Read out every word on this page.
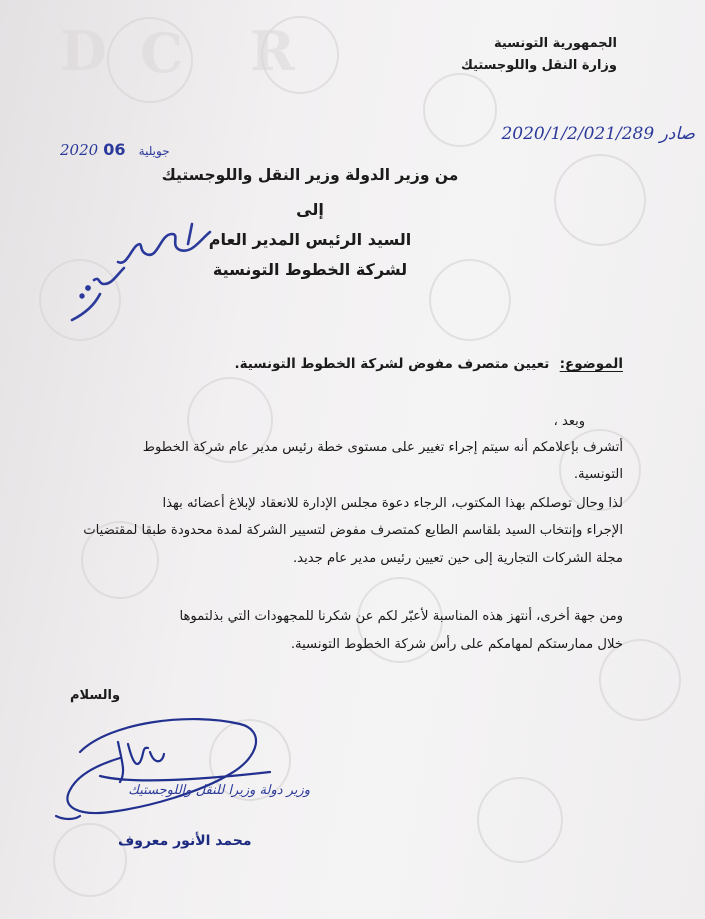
D C R	الجمهورية التونسية
وزارة النقل واللوجستيك
صادر 2020/1/2/021/289
2020	جويلية 06
من وزير الدولة وزير النقل واللوجستيك
إلى
السيد الرئيس المدير العام
لشركة الخطوط التونسية
الموضوع: تعيين متصرف مفوض لشركة الخطوط التونسية.
وبعد ،
أتشرف بإعلامكم أنه سيتم إجراء تغيير على مستوى خطة رئيس مدير عام شركة الخطوط
التونسية.
لذا وحال توصلكم بهذا المكتوب، الرجاء دعوة مجلس الإدارة للانعقاد لإبلاغ أعضائه بهذا
الإجراء وإنتخاب السيد بلقاسم الطايع كمتصرف مفوض لتسيير الشركة لمدة محدودة طبقا لمقتضيات
مجلة الشركات التجارية إلى حين تعيين رئيس مدير عام جديد.
ومن جهة أخرى، أنتهز هذه المناسبة لأعبّر لكم عن شكرنا للمجهودات التي بذلتموها
خلال ممارستكم لمهامكم على رأس شركة الخطوط التونسية.
والسلام
وزير دولة وزيرا للنقل واللوجستيك
محمد الأنور معروف
